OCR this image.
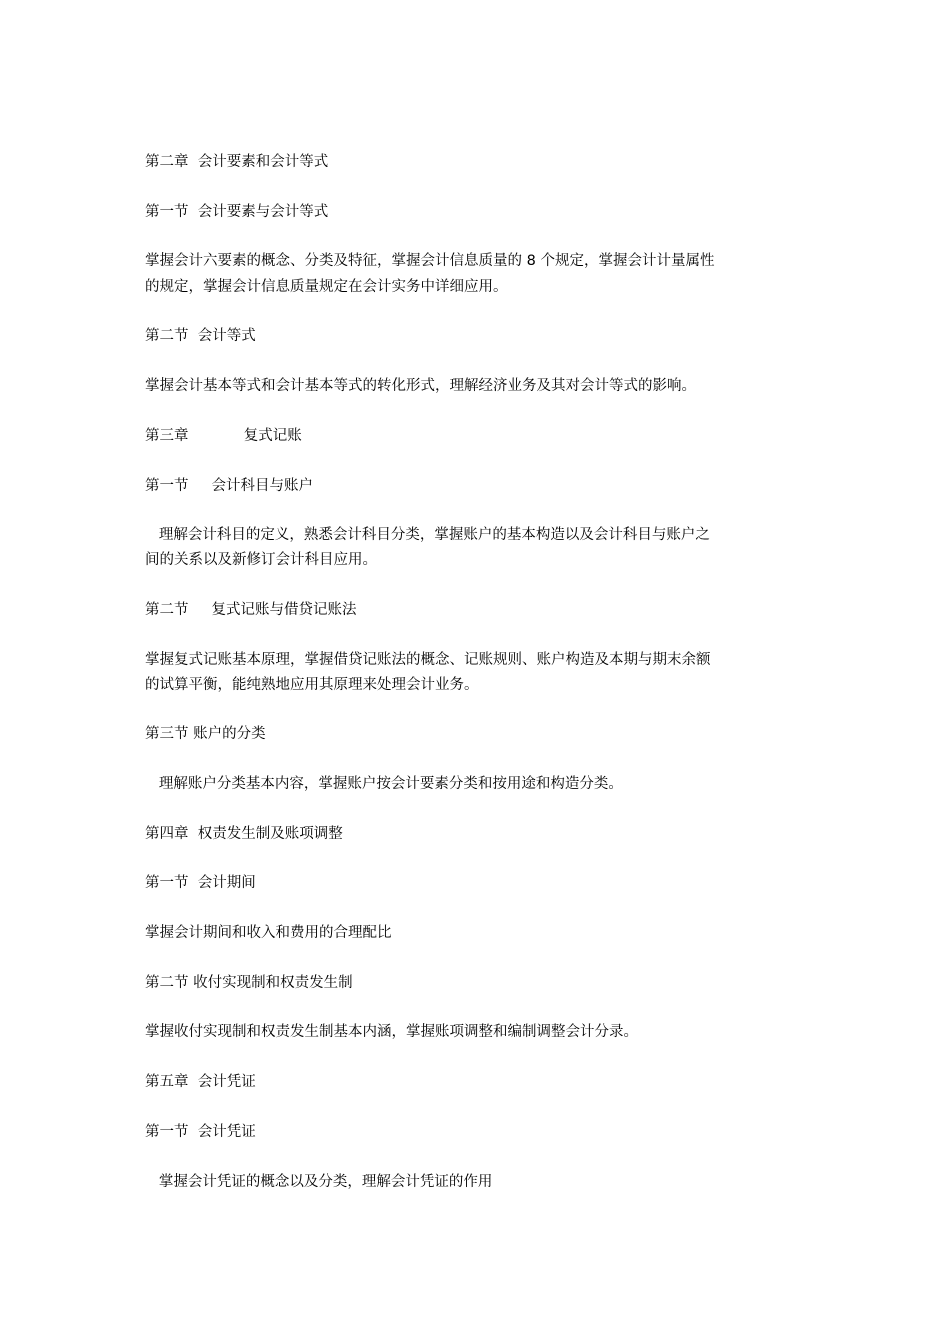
第二章  会计要素和会计等式

第一节  会计要素与会计等式

掌握会计六要素的概念、分类及特征，掌握会计信息质量的 8 个规定，掌握会计计量属性

的规定，掌握会计信息质量规定在会计实务中详细应用。

第二节  会计等式

掌握会计基本等式和会计基本等式的转化形式，理解经济业务及其对会计等式的影响。

第三章            复式记账

第一节     会计科目与账户

理解会计科目的定义，熟悉会计科目分类，掌握账户的基本构造以及会计科目与账户之

间的关系以及新修订会计科目应用。

第二节     复式记账与借贷记账法

掌握复式记账基本原理，掌握借贷记账法的概念、记账规则、账户构造及本期与期末余额

的试算平衡，能纯熟地应用其原理来处理会计业务。

第三节 账户的分类

理解账户分类基本内容，掌握账户按会计要素分类和按用途和构造分类。

第四章  权责发生制及账项调整

第一节  会计期间

掌握会计期间和收入和费用的合理配比

第二节 收付实现制和权责发生制

掌握收付实现制和权责发生制基本内涵，掌握账项调整和编制调整会计分录。

第五章  会计凭证

第一节  会计凭证

掌握会计凭证的概念以及分类，理解会计凭证的作用
